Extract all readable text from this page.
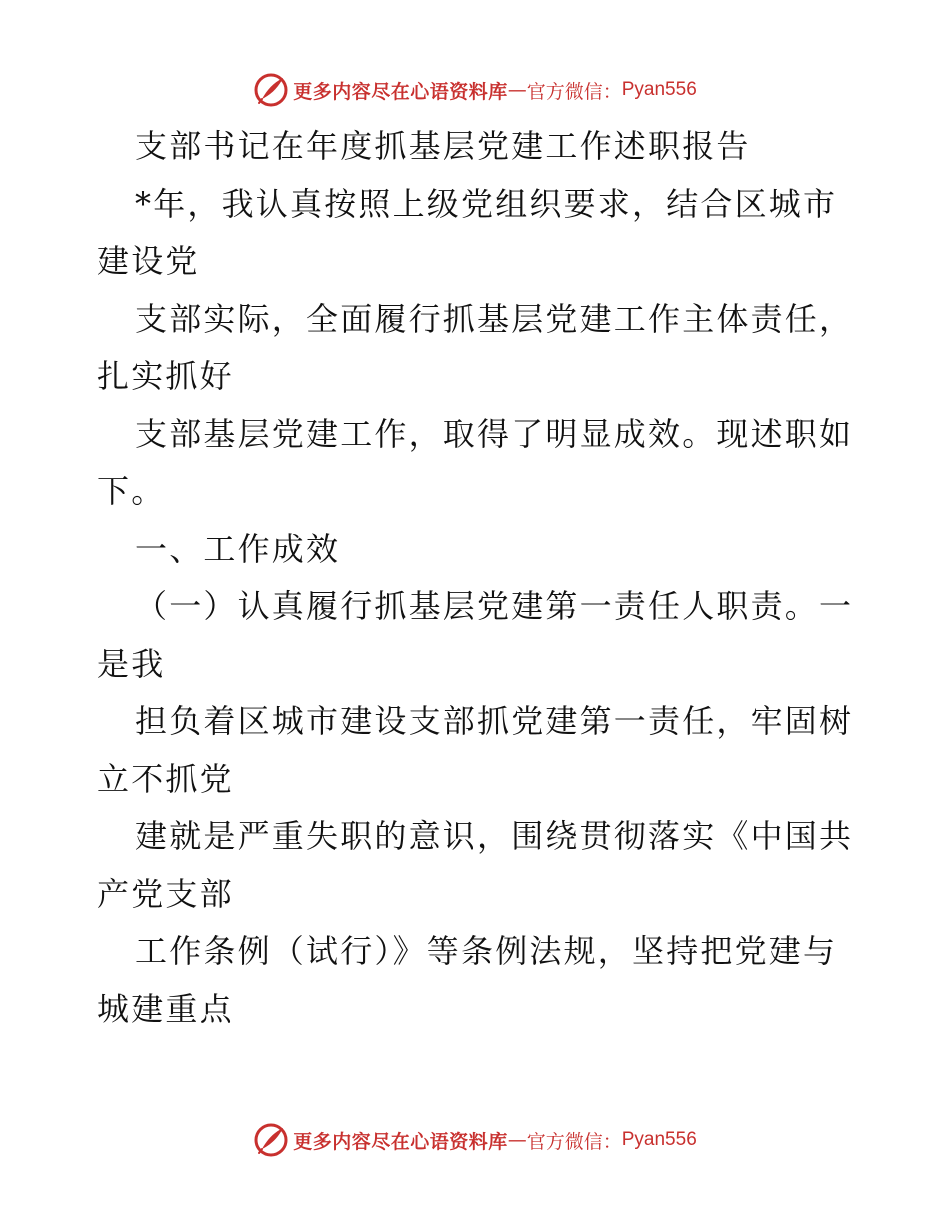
更多内容尽在心语资料库 — 官方微信： Pyan556
支部书记在年度抓基层党建工作述职报告
*年，我认真按照上级党组织要求，结合区城市
建设党
支部实际，全面履行抓基层党建工作主体责任，
扎实抓好
支部基层党建工作，取得了明显成效。现述职如
下。
一、工作成效
（一）认真履行抓基层党建第一责任人职责。一
是我
担负着区城市建设支部抓党建第一责任，牢固树
立不抓党
建就是严重失职的意识，围绕贯彻落实《中国共
产党支部
工作条例（试行）》等条例法规，坚持把党建与
城建重点
更多内容尽在心语资料库 — 官方微信： Pyan556
